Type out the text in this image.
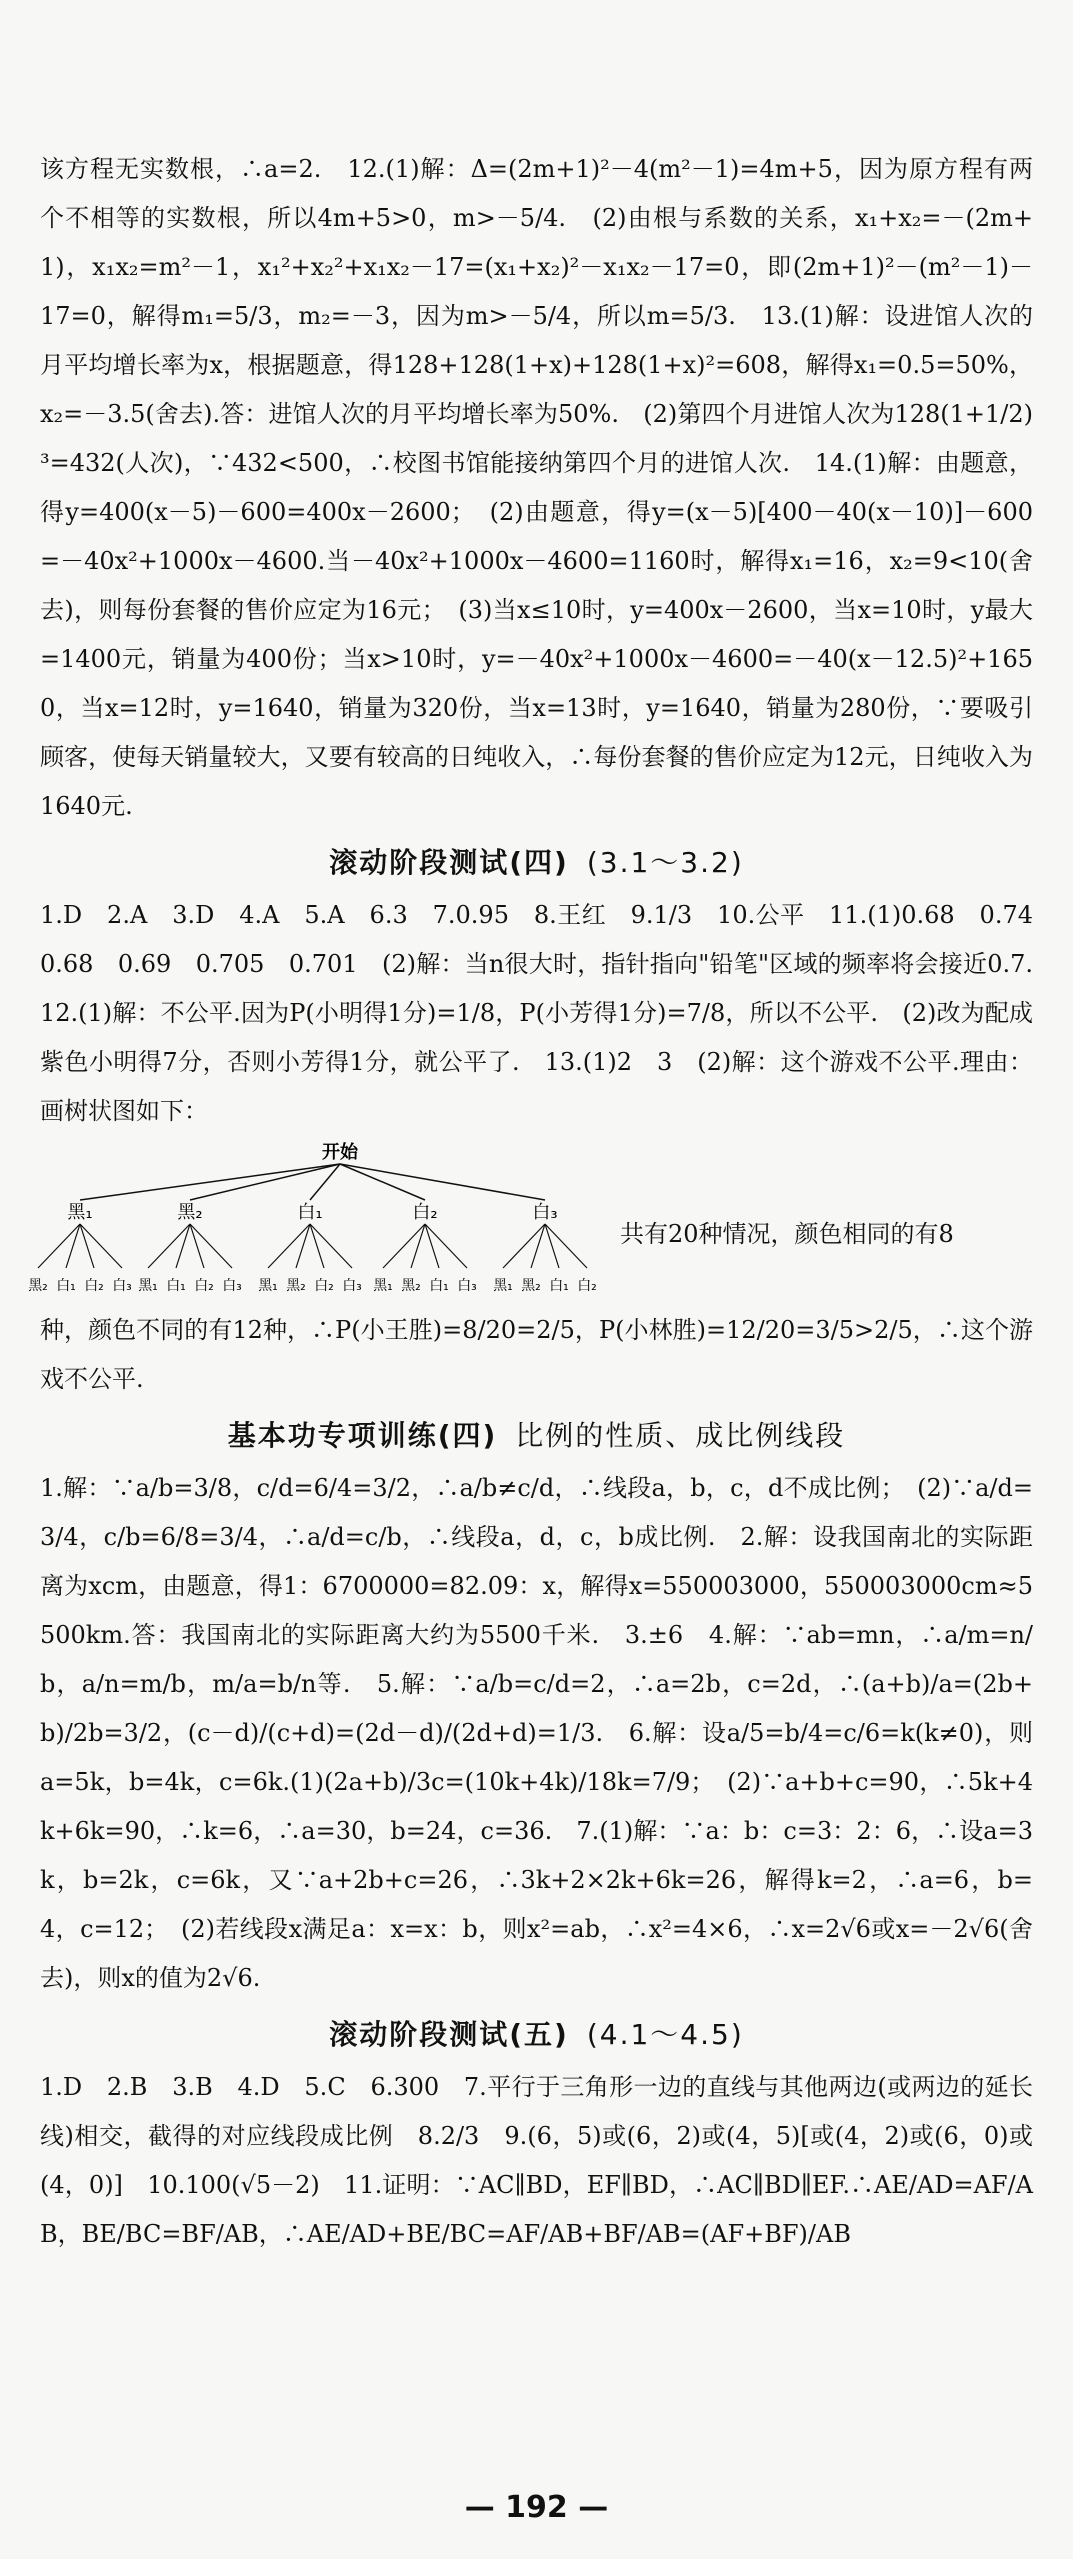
该方程无实数根，∴a=2.　12.(1)解：Δ=(2m+1)²－4(m²－1)=4m+5，因为原方程有两个不相等的实数根，所以4m+5>0，m>－5/4.　(2)由根与系数的关系，x₁+x₂=－(2m+1)，x₁x₂=m²－1，x₁²+x₂²+x₁x₂－17=(x₁+x₂)²－x₁x₂－17=0，即(2m+1)²－(m²－1)－17=0，解得m₁=5/3，m₂=－3，因为m>－5/4，所以m=5/3.　13.(1)解：设进馆人次的月平均增长率为x，根据题意，得128+128(1+x)+128(1+x)²=608，解得x₁=0.5=50%，x₂=－3.5(舍去).答：进馆人次的月平均增长率为50%.　(2)第四个月进馆人次为128(1+1/2)³=432(人次)，∵432<500，∴校图书馆能接纳第四个月的进馆人次.　14.(1)解：由题意，得y=400(x－5)－600=400x－2600；　(2)由题意，得y=(x－5)[400－40(x－10)]－600=－40x²+1000x－4600.当－40x²+1000x－4600=1160时，解得x₁=16，x₂=9<10(舍去)，则每份套餐的售价应定为16元；　(3)当x≤10时，y=400x－2600，当x=10时，y最大=1400元，销量为400份；当x>10时，y=－40x²+1000x－4600=－40(x－12.5)²+1650，当x=12时，y=1640，销量为320份，当x=13时，y=1640，销量为280份，∵要吸引顾客，使每天销量较大，又要有较高的日纯收入，∴每份套餐的售价应定为12元，日纯收入为1640元.

滚动阶段测试(四) (3.1～3.2)

1.D　2.A　3.D　4.A　5.A　6.3　7.0.95　8.王红　9.1/3　10.公平　11.(1)0.68　0.74　0.68　0.69　0.705　0.701　(2)解：当n很大时，指针指向"铅笔"区域的频率将会接近0.7.　12.(1)解：不公平.因为P(小明得1分)=1/8，P(小芳得1分)=7/8，所以不公平.　(2)改为配成紫色小明得7分，否则小芳得1分，就公平了.　13.(1)2　3　(2)解：这个游戏不公平.理由：画树状图如下：

开始
黑₁
黑₂ 白₁ 白₂ 白₃
黑₂
黑₁ 白₁ 白₂ 白₃
白₁
黑₁ 黑₂ 白₂ 白₃
白₂
黑₁ 黑₂ 白₁ 白₃
白₃
黑₁ 黑₂ 白₁ 白₂
共有20种情况，颜色相同的有8

种，颜色不同的有12种，∴P(小王胜)=8/20=2/5，P(小林胜)=12/20=3/5>2/5，∴这个游戏不公平.

基本功专项训练(四) 比例的性质、成比例线段

1.解：∵a/b=3/8，c/d=6/4=3/2，∴a/b≠c/d，∴线段a，b，c，d不成比例；　(2)∵a/d=3/4，c/b=6/8=3/4，∴a/d=c/b，∴线段a，d，c，b成比例.　2.解：设我国南北的实际距离为xcm，由题意，得1：6700000=82.09：x，解得x=550003000，550003000cm≈5500km.答：我国南北的实际距离大约为5500千米.　3.±6　4.解：∵ab=mn，∴a/m=n/b，a/n=m/b，m/a=b/n等.　5.解：∵a/b=c/d=2，∴a=2b，c=2d，∴(a+b)/a=(2b+b)/2b=3/2，(c－d)/(c+d)=(2d－d)/(2d+d)=1/3.　6.解：设a/5=b/4=c/6=k(k≠0)，则a=5k，b=4k，c=6k.(1)(2a+b)/3c=(10k+4k)/18k=7/9；　(2)∵a+b+c=90，∴5k+4k+6k=90，∴k=6，∴a=30，b=24，c=36.　7.(1)解：∵a：b：c=3：2：6，∴设a=3k，b=2k，c=6k，又∵a+2b+c=26，∴3k+2×2k+6k=26，解得k=2，∴a=6，b=4，c=12；　(2)若线段x满足a：x=x：b，则x²=ab，∴x²=4×6，∴x=2√6或x=－2√6(舍去)，则x的值为2√6.

滚动阶段测试(五) (4.1～4.5)

1.D　2.B　3.B　4.D　5.C　6.300　7.平行于三角形一边的直线与其他两边(或两边的延长线)相交，截得的对应线段成比例　8.2/3　9.(6，5)或(6，2)或(4，5)[或(4，2)或(6，0)或(4，0)]　10.100(√5－2)　11.证明：∵AC∥BD，EF∥BD，∴AC∥BD∥EF.∴AE/AD=AF/AB，BE/BC=BF/AB，∴AE/AD+BE/BC=AF/AB+BF/AB=(AF+BF)/AB

— 192 —
